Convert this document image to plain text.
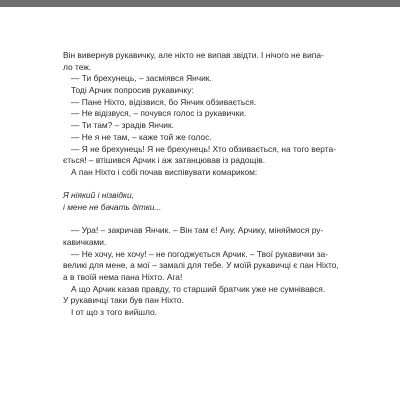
Він вивернув рукавичку, але ніхто не випав звідти. І нічого не випа-
ло теж.
— Ти брехунець, – засміявся Янчик.
Тоді Арчик попросив рукавичку:
— Пане Ніхто, відізвися, бо Янчик обзивається.
— Не відізвуся, – почувся голос із рукавички.
— Ти там? – зрадів Янчик.
— Не я не там, – каже той же голос.
— Я не брехунець! Я не брехунець! Хто обзивається, на того верта-
ється! – втішився Арчик і аж затанцював із радощів.
А пан Ніхто і собі почав виспівувати комариком:
Я ніякий і нізвідки,
і мене не бачать дітки...
— Ура! – закричав Янчик. – Він там є! Ану, Арчику, міняймося ру-
кавичками.
— Не хочу, не хочу! – не погоджується Арчик. – Твої рукавички за-
великі для мене, а мої – замалі для тебе. У моїй рукавичці є пан Ніхто,
а в твоїй нема пана Ніхто. Ага!
А що Арчик казав правду, то старший братчик уже не сумнівався.
У рукавичці таки був пан Ніхто.
І от що з того вийшло.
